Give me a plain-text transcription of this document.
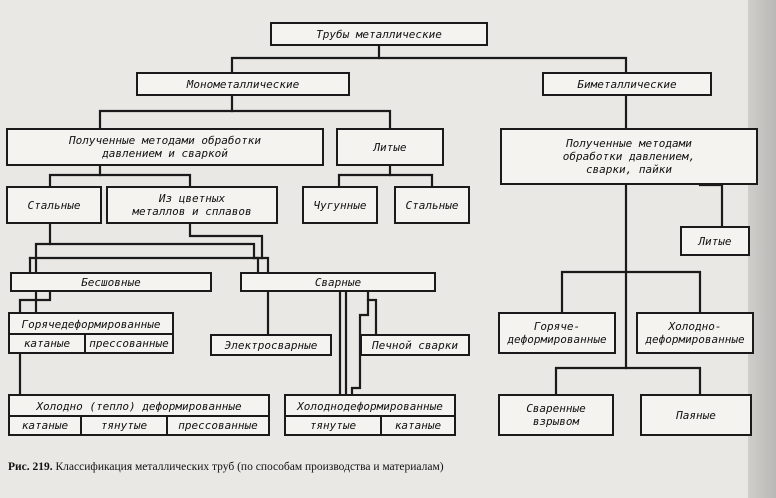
Трубы металлические
Монометаллические	Биметаллические
Полученные методами обработки
давлением и сваркой	Литые	Полученные методами
обработки давлением,
сварки, пайки
Стальные	Из цветных
металлов и сплавов	Чугунные	Стальные
Литые
Бесшовные	Сварные

Горячедеформированные

катаные	прессованные	Электросварные	Печной сварки

Холодно (тепло) деформированные

катаные	тянутые	прессованные

Холоднодеформированные

тянутые	катаные

Горяче-
деформированные
Холодно-
деформированные
Сваренные
взрывом	Паяные
Рис. 219. Классификация металлических труб (по способам производства и материалам)
